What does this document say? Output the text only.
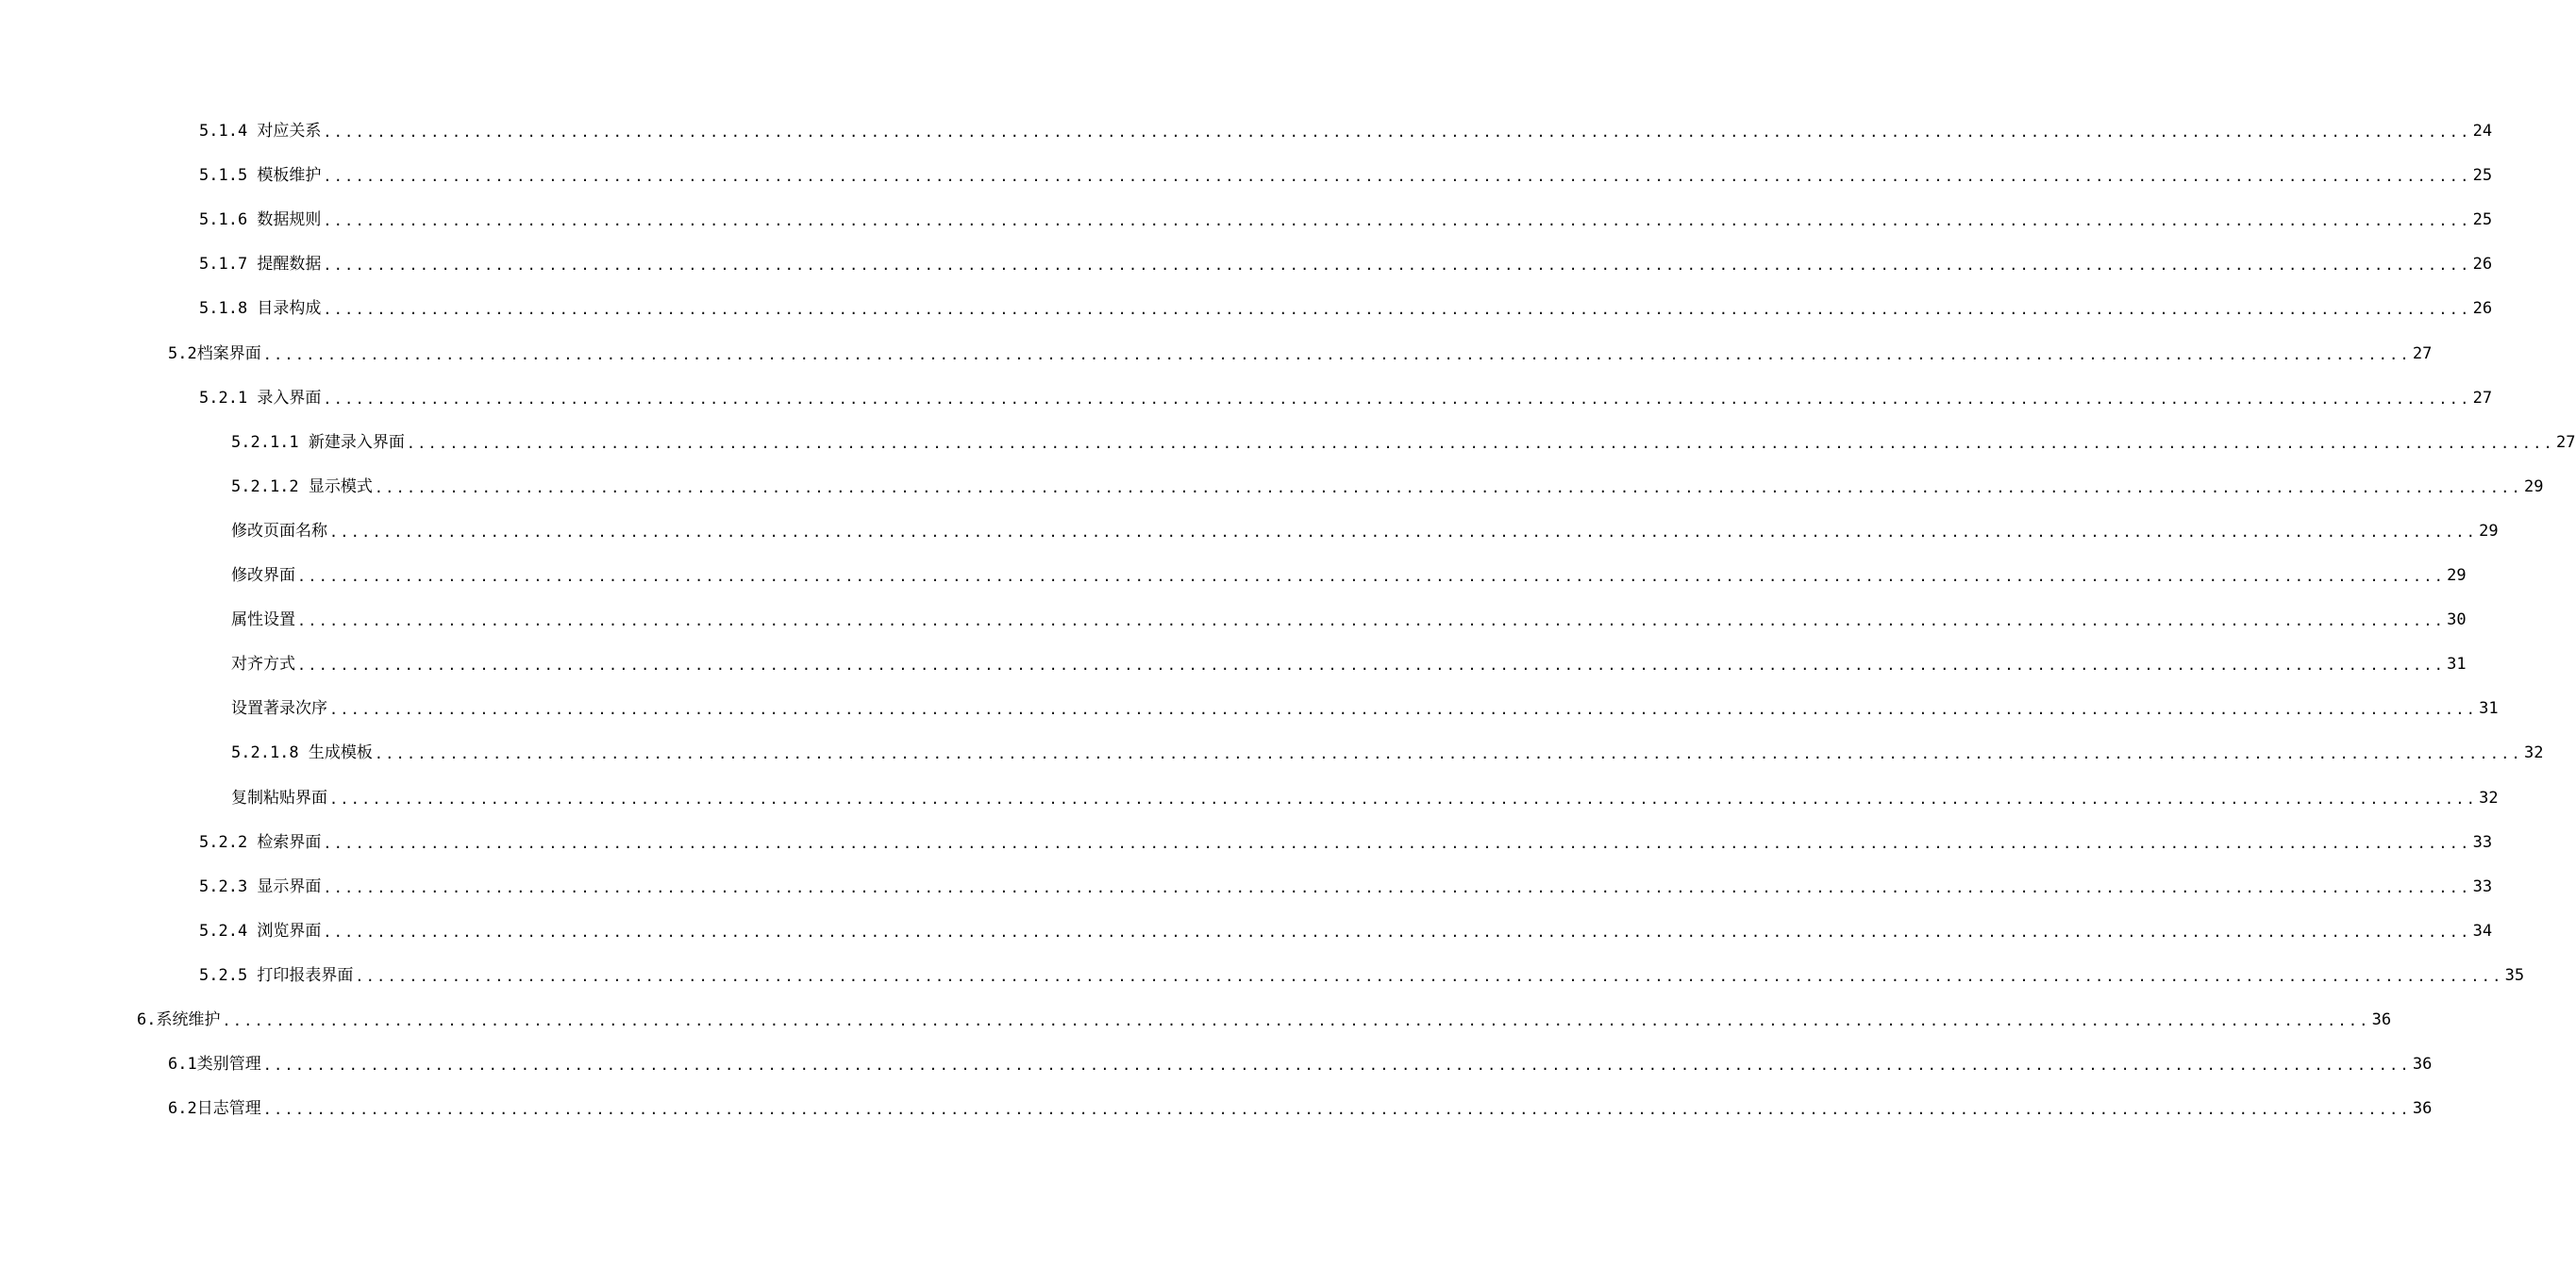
5.1.4 对应关系 ........................................................................................................................................................................................................ 24
5.1.5 模板维护 ........................................................................................................................................................................................................ 25
5.1.6 数据规则 ........................................................................................................................................................................................................ 25
5.1.7 提醒数据 ........................................................................................................................................................................................................ 26
5.1.8 目录构成 ........................................................................................................................................................................................................ 26
5.2档案界面 ........................................................................................................................................................................................................ 27
5.2.1 录入界面 ........................................................................................................................................................................................................ 27
5.2.1.1 新建录入界面 ........................................................................................................................................................................................................ 27
5.2.1.2 显示模式 ........................................................................................................................................................................................................ 29
修改页面名称 ........................................................................................................................................................................................................ 29
修改界面 ........................................................................................................................................................................................................ 29
属性设置 ........................................................................................................................................................................................................ 30
对齐方式 ........................................................................................................................................................................................................ 31
设置著录次序 ........................................................................................................................................................................................................ 31
5.2.1.8 生成模板 ........................................................................................................................................................................................................ 32
复制粘贴界面 ........................................................................................................................................................................................................ 32
5.2.2 检索界面 ........................................................................................................................................................................................................ 33
5.2.3 显示界面 ........................................................................................................................................................................................................ 33
5.2.4 浏览界面 ........................................................................................................................................................................................................ 34
5.2.5 打印报表界面 ........................................................................................................................................................................................................ 35
6.系统维护 ........................................................................................................................................................................................................ 36
6.1类别管理 ........................................................................................................................................................................................................ 36
6.2日志管理 ........................................................................................................................................................................................................ 36
